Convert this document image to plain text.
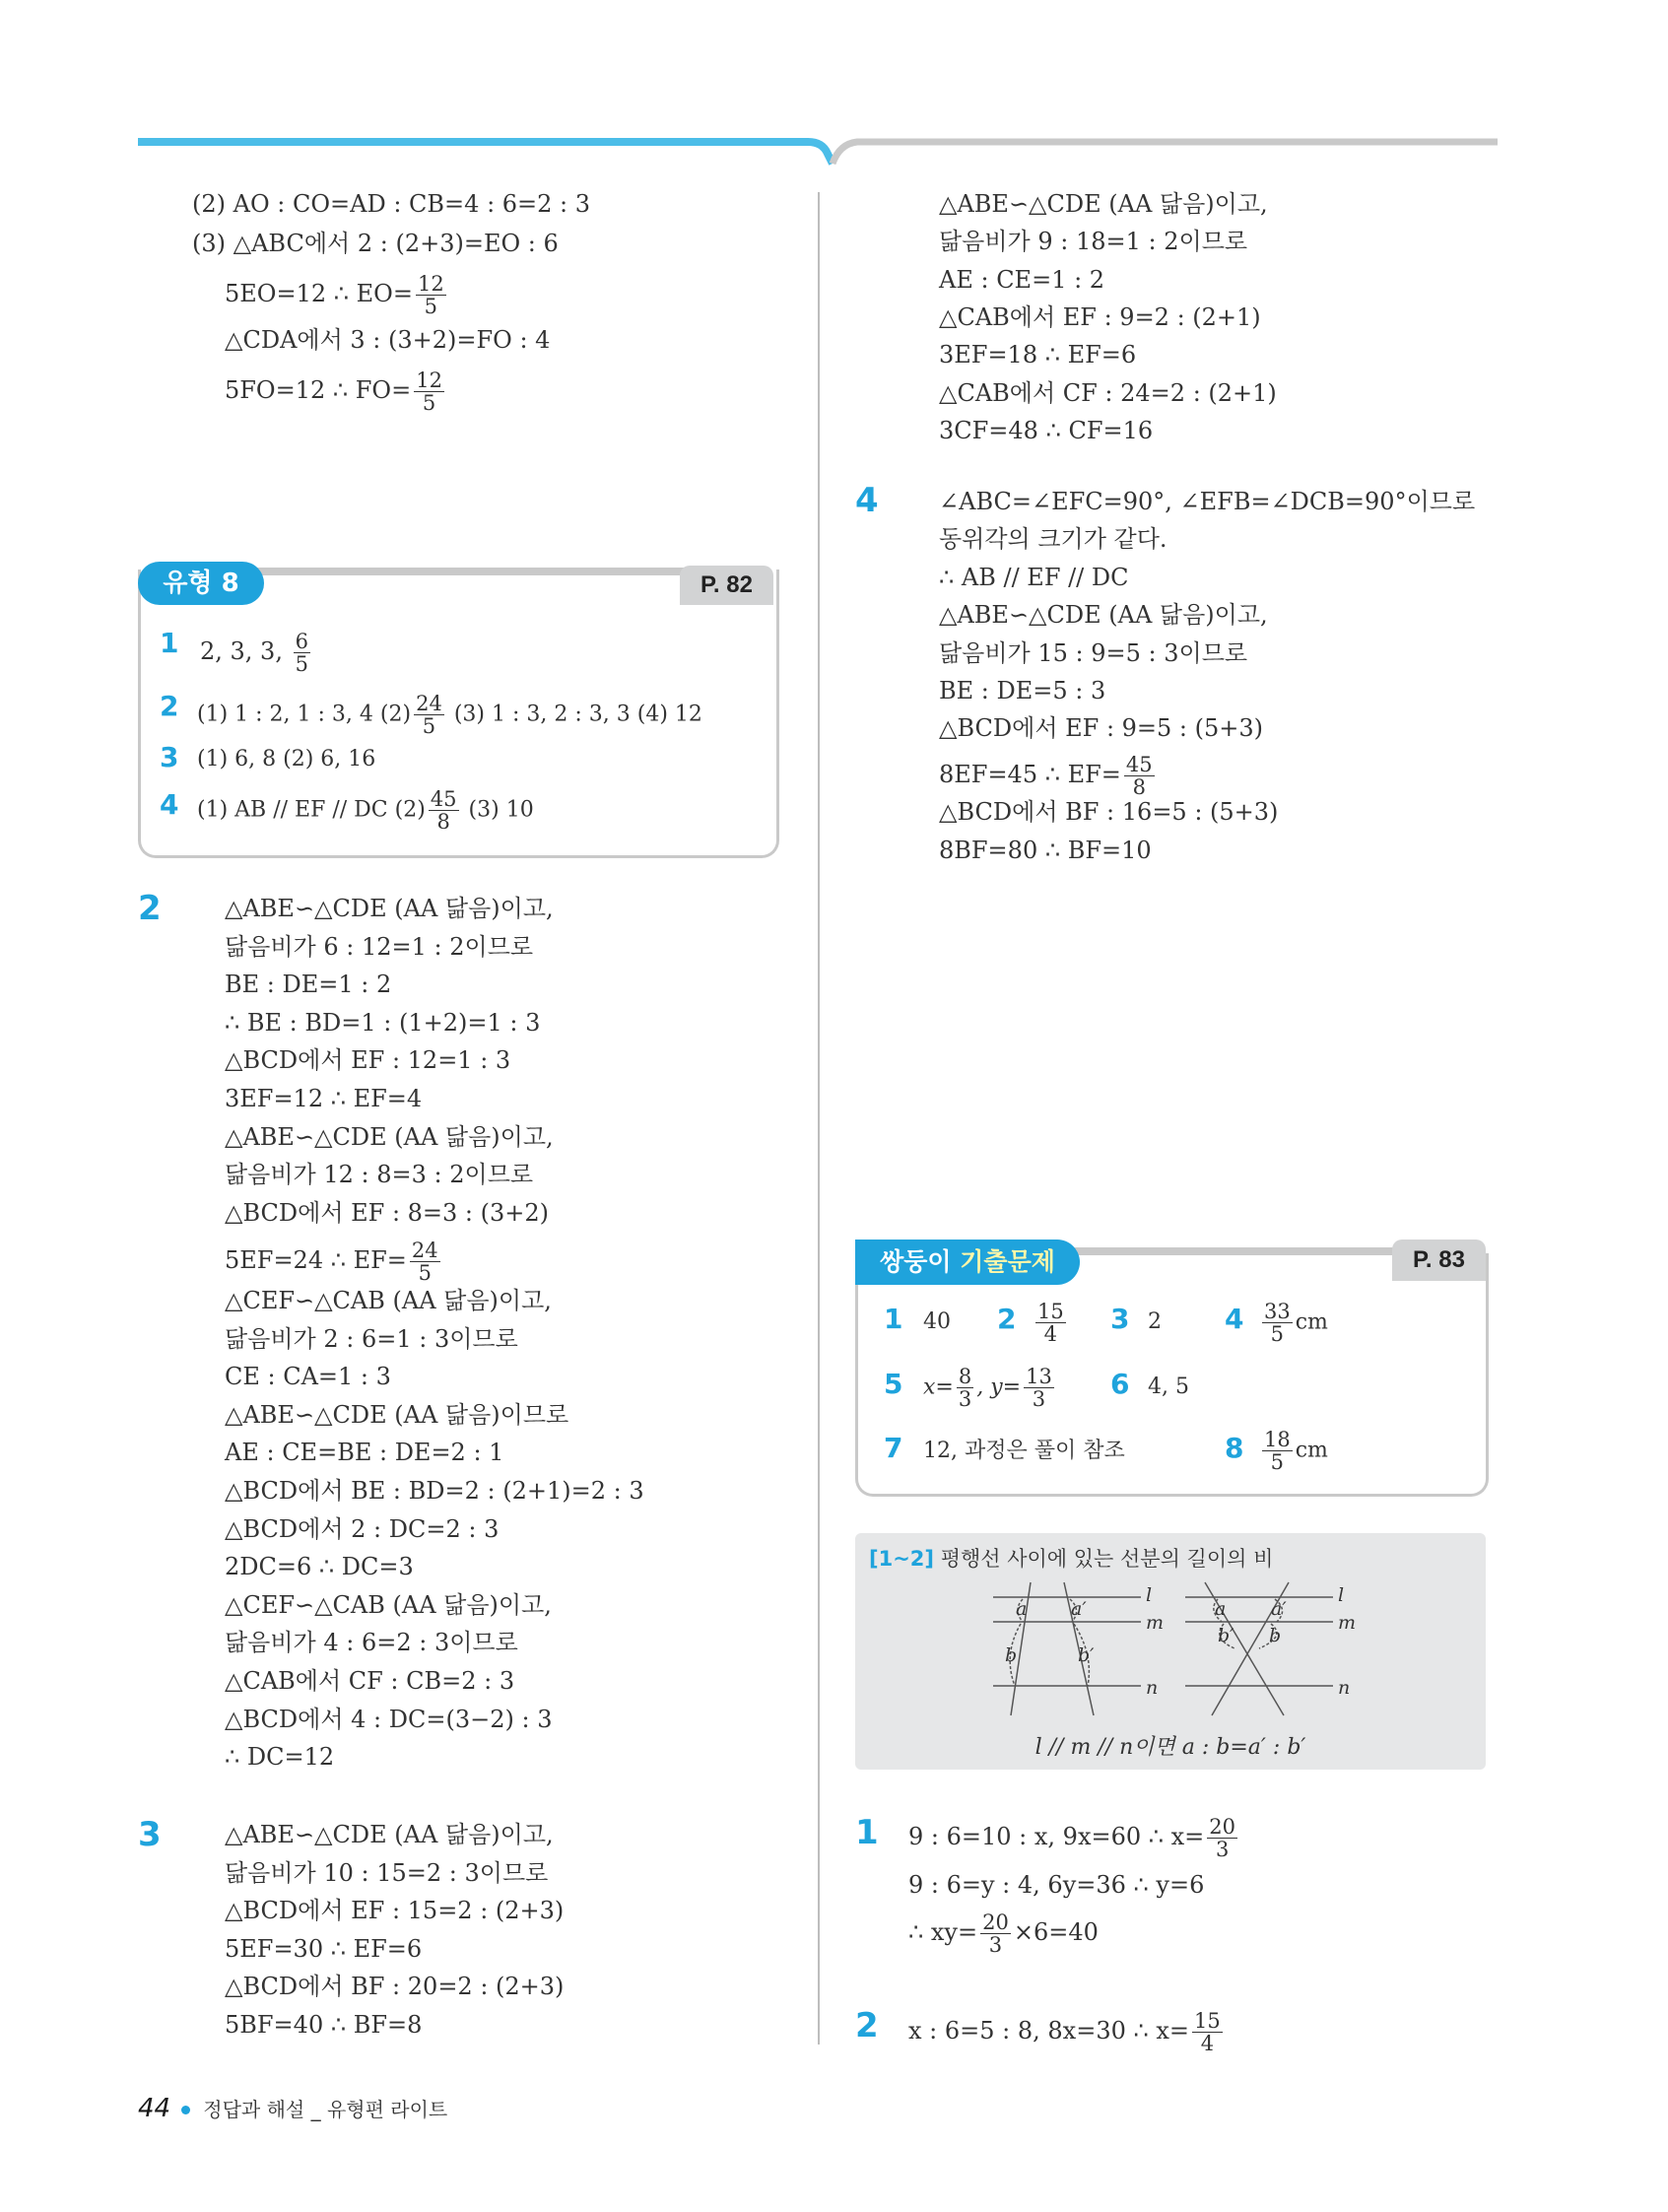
(2) AO : CO=AD : CB=4 : 6=2 : 3
(3) △ABC에서 2 : (2+3)=EO : 6
5EO=12 ∴ $EO= \frac{12}{5}$
△CDA에서 3 : (3+2)=FO : 4
5FO=12 ∴ $FO= \frac{12}{5}$
유형 8	P. 82
1 2, 3, 3, $\frac{6}{5}$
2 (1) 1 : 2, 1 : 3, 4 $(2) \frac{24}{5} (3)$ 1 : 3, 2 : 3, 3 (4) 12
3 (1) 6, 8 (2) 6, 16
4 (1) AB // EF // DC $(2) \frac{45}{8} (3)$ 10
2	△ABE∽△CDE (AA 닮음)이고,
닮음비가 6 : 12=1 : 2이므로
BE : DE=1 : 2
∴ BE : BD=1 : (1+2)=1 : 3
△BCD에서 EF : 12=1 : 3
3EF=12 ∴ EF=4
△ABE∽△CDE (AA 닮음)이고,
닮음비가 12 : 8=3 : 2이므로
△BCD에서 EF : 8=3 : (3+2)
5EF=24 ∴ $EF= \frac{24}{5}$
△CEF∽△CAB (AA 닮음)이고,
닮음비가 2 : 6=1 : 3이므로
CE : CA=1 : 3
△ABE∽△CDE (AA 닮음)이므로
AE : CE=BE : DE=2 : 1
△BCD에서 BE : BD=2 : (2+1)=2 : 3
△BCD에서 2 : DC=2 : 3
2DC=6 ∴ DC=3
△CEF∽△CAB (AA 닮음)이고,
닮음비가 4 : 6=2 : 3이므로
△CAB에서 CF : CB=2 : 3
△BCD에서 4 : DC=(3−2) : 3
∴ DC=12
3	△ABE∽△CDE (AA 닮음)이고,
닮음비가 10 : 15=2 : 3이므로
△BCD에서 EF : 15=2 : (2+3)
5EF=30 ∴ EF=6
△BCD에서 BF : 20=2 : (2+3)
5BF=40 ∴ BF=8
△ABE∽△CDE (AA 닮음)이고,
닮음비가 9 : 18=1 : 2이므로
AE : CE=1 : 2
△CAB에서 EF : 9=2 : (2+1)
3EF=18 ∴ EF=6
△CAB에서 CF : 24=2 : (2+1)
3CF=48 ∴ CF=16
4	∠ABC=∠EFC=90°, ∠EFB=∠DCB=90°이므로
동위각의 크기가 같다.
∴ AB // EF // DC
△ABE∽△CDE (AA 닮음)이고,
닮음비가 15 : 9=5 : 3이므로
BE : DE=5 : 3
△BCD에서 EF : 9=5 : (5+3)
8EF=45 ∴ $EF= \frac{45}{8}$
△BCD에서 BF : 16=5 : (5+3)
8BF=80 ∴ BF=10
쌍둥이 기출문제	P. 83
1 40 $2 \frac{15}{4} 3$ 2 $4 \frac{33}{5}$ cm
5 $x= \frac{8}{3}$ , $y= \frac{13}{3} 6$ 4, 5
7 12, 과정은 풀이 참조	$8 \frac{18}{5}$ cm
[1~2] 평행선 사이에 있는 선분의 길이의 비
l
m
n
a a′
b	b′
l
m
n
a a′
b′ b
l // m // n이면 a : b=a′ : b′
1 9 : 6=10 : x, 9x=60 ∴ $x= \frac{20}{3}$
9 : 6=y : 4, 6y=36 ∴ y=6
∴ $xy= \frac{20}{3} \times 6=40$
2 x : 6=5 : 8, 8x=30 ∴ $x= \frac{15}{4}$
44 정답과 해설 _ 유형편 라이트
